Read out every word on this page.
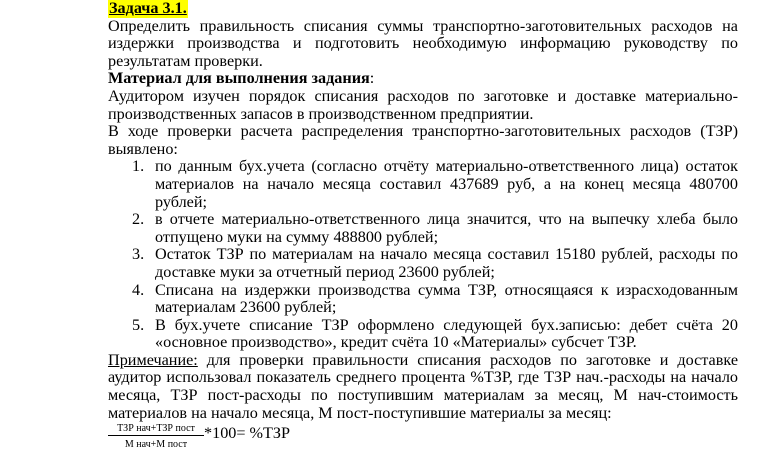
Задача 3.1.

Определить правильность списания суммы транспортно-заготовительных расходов на издержки производства и подготовить необходимую информацию руководству по результатам проверки.

Материал для выполнения задания:

Аудитором изучен порядок списания расходов по заготовке и доставке материально-производственных запасов в производственном предприятии.

В ходе проверки расчета распределения транспортно-заготовительных расходов (ТЗР) выявлено:

1. по данным бух.учета (согласно отчёту материально-ответственного лица) остаток материалов на начало месяца составил 437689 руб, а на конец месяца 480700 рублей;
2. в отчете материально-ответственного лица значится, что на выпечку хлеба было отпущено муки на сумму 488800 рублей;
3. Остаток ТЗР по материалам на начало месяца составил 15180 рублей, расходы по доставке муки за отчетный период 23600 рублей;
4. Списана на издержки производства сумма ТЗР, относящаяся к израсходованным материалам 23600 рублей;
5. В бух.учете списание ТЗР оформлено следующей бух.записью: дебет счёта 20 «основное производство», кредит счёта 10 «Материалы» субсчет ТЗР.

Примечание: для проверки правильности списания расходов по заготовке и доставке аудитор использовал показатель среднего процента %ТЗР, где ТЗР нач.-расходы на начало месяца, ТЗР пост-расходы по поступившим материалам за месяц, М нач-стоимость материалов на начало месяца, М пост-поступившие материалы за месяц:

ТЗР нач+ТЗР пост
М нач+М пост
*100= %ТЗР
